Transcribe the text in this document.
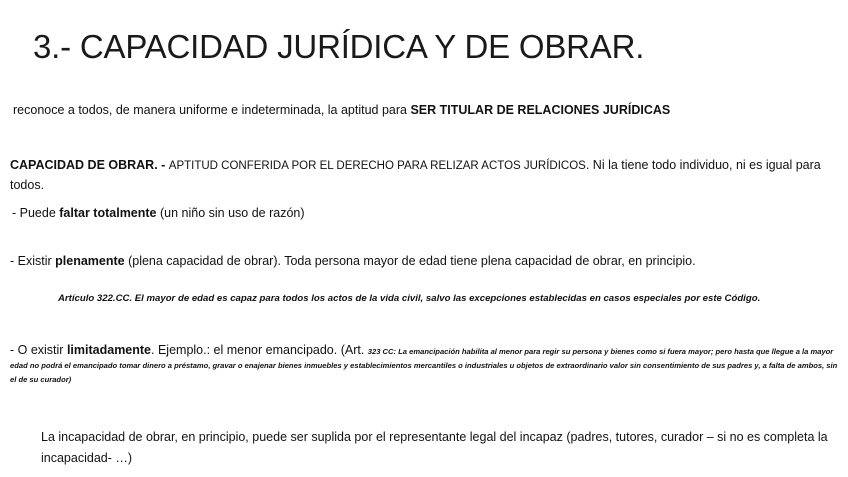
3.- CAPACIDAD JURÍDICA Y DE OBRAR.

reconoce a todos, de manera uniforme e indeterminada, la aptitud para SER TITULAR DE RELACIONES JURÍDICAS

CAPACIDAD DE OBRAR. - APTITUD CONFERIDA POR EL DERECHO PARA RELIZAR ACTOS JURÍDICOS. Ni la tiene todo individuo, ni es igual para todos.

- Puede faltar totalmente (un niño sin uso de razón)

- Existir plenamente (plena capacidad de obrar). Toda persona mayor de edad tiene plena capacidad de obrar, en principio.

Artículo 322.CC. El mayor de edad es capaz para todos los actos de la vida civil, salvo las excepciones establecidas en casos especiales por este Código.

- O existir limitadamente. Ejemplo.: el menor emancipado. (Art. 323 CC: La emancipación habilita al menor para regir su persona y bienes como si fuera mayor; pero hasta que llegue a la mayor edad no podrá el emancipado tomar dinero a préstamo, gravar o enajenar bienes inmuebles y establecimientos mercantiles o industriales u objetos de extraordinario valor sin consentimiento de sus padres y, a falta de ambos, sin el de su curador)

La incapacidad de obrar, en principio, puede ser suplida por el representante legal del incapaz (padres, tutores, curador – si no es completa la incapacidad- …)
